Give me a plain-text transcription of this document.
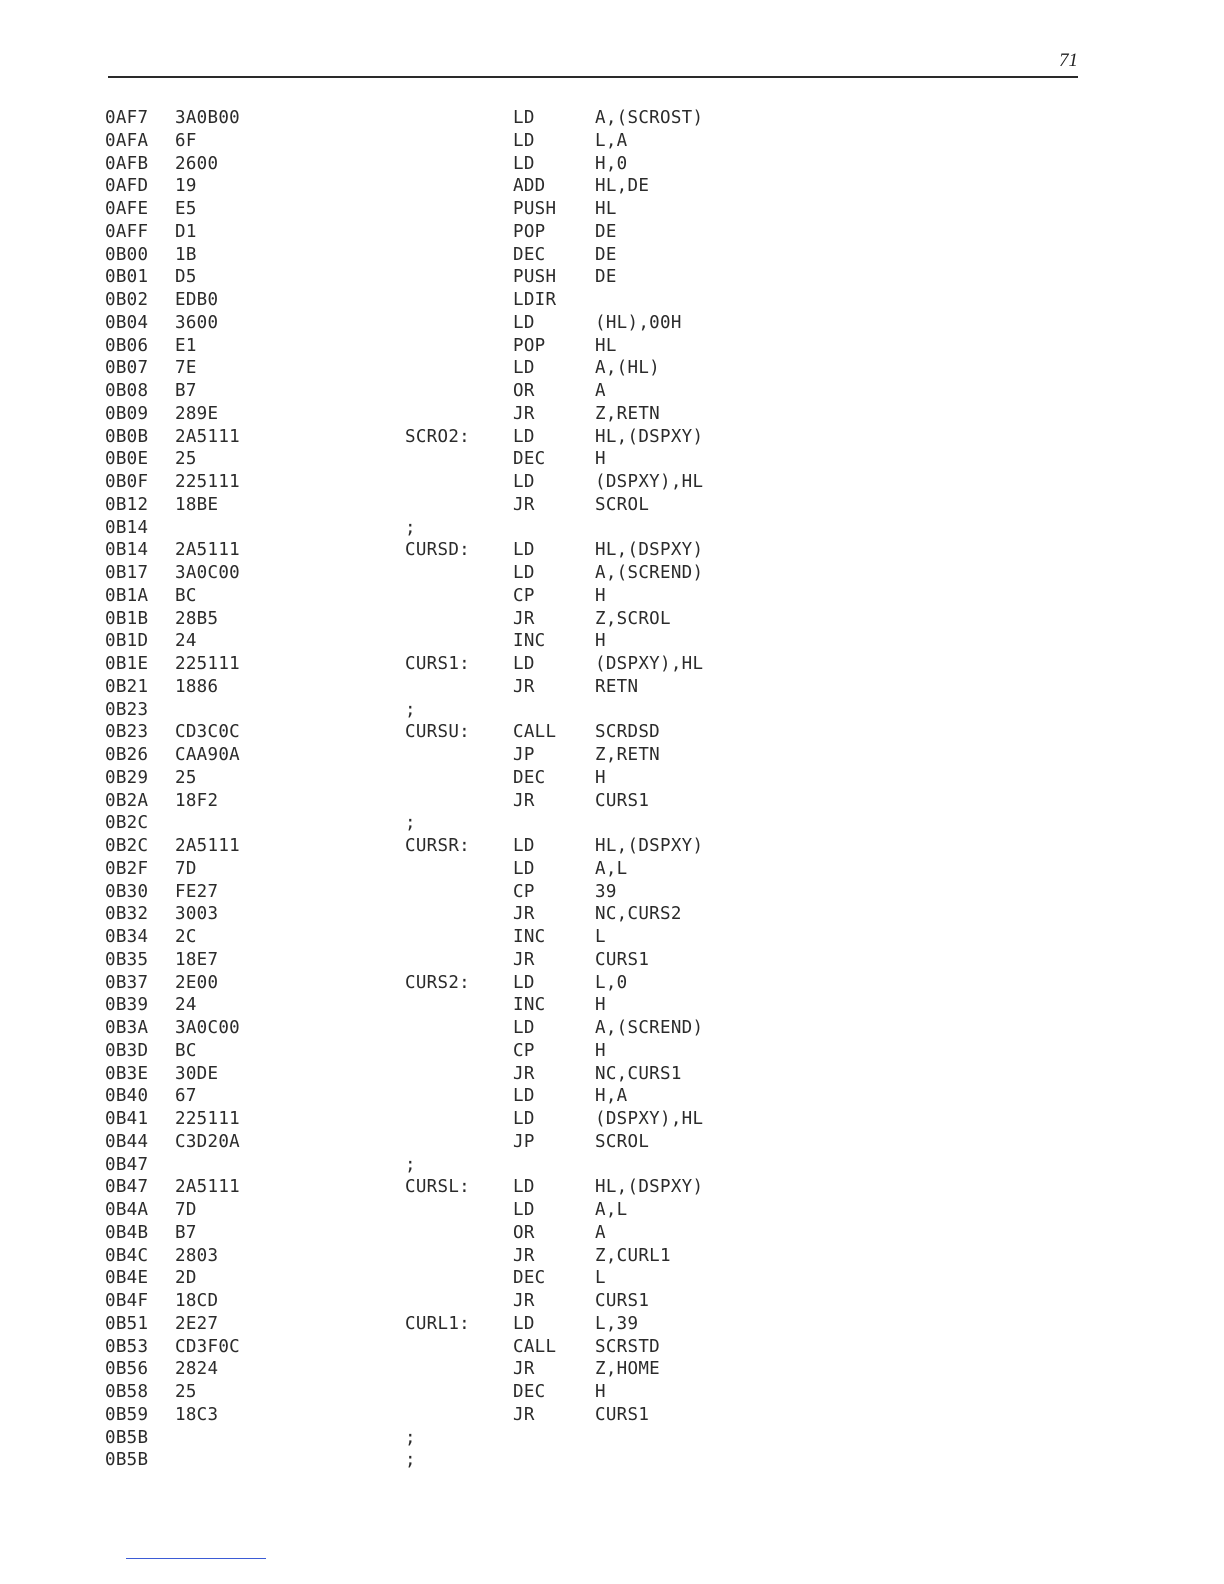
71
0AF7 3A0B00	LD	A,(SCROST)
0AFA 6F	LD	L,A
0AFB 2600	LD	H,0
0AFD 19	ADD	HL,DE
0AFE E5	PUSH HL
0AFF D1	POP	DE
0B00 1B	DEC	DE
0B01 D5	PUSH DE
0B02 EDB0	LDIR
0B04 3600	LD	(HL),00H
0B06 E1	POP	HL
0B07 7E	LD	A,(HL)
0B08 B7	OR	A
0B09 289E	JR	Z,RETN
0B0B 2A5111	SCRO2: LD	HL,(DSPXY)
0B0E 25	DEC	H
0B0F 225111	LD	(DSPXY),HL
0B12 18BE	JR	SCROL
0B14	;
0B14 2A5111	CURSD: LD	HL,(DSPXY)
0B17 3A0C00	LD	A,(SCREND)
0B1A BC	CP	H
0B1B 28B5	JR	Z,SCROL
0B1D 24	INC	H
0B1E 225111	CURS1: LD	(DSPXY),HL
0B21 1886	JR	RETN
0B23	;
0B23 CD3C0C	CURSU: CALL SCRDSD
0B26 CAA90A	JP	Z,RETN
0B29 25	DEC	H
0B2A 18F2	JR	CURS1
0B2C	;
0B2C 2A5111	CURSR: LD	HL,(DSPXY)
0B2F 7D	LD	A,L
0B30 FE27	CP	39
0B32 3003	JR	NC,CURS2
0B34 2C	INC	L
0B35 18E7	JR	CURS1
0B37 2E00	CURS2: LD	L,0
0B39 24	INC	H
0B3A 3A0C00	LD	A,(SCREND)
0B3D BC	CP	H
0B3E 30DE	JR	NC,CURS1
0B40 67	LD	H,A
0B41 225111	LD	(DSPXY),HL
0B44 C3D20A	JP	SCROL
0B47	;
0B47 2A5111	CURSL: LD	HL,(DSPXY)
0B4A 7D	LD	A,L
0B4B B7	OR	A
0B4C 2803	JR	Z,CURL1
0B4E 2D	DEC	L
0B4F 18CD	JR	CURS1
0B51 2E27	CURL1: LD	L,39
0B53 CD3F0C	CALL SCRSTD
0B56 2824	JR	Z,HOME
0B58 25	DEC	H
0B59 18C3	JR	CURS1
0B5B	;
0B5B	;
